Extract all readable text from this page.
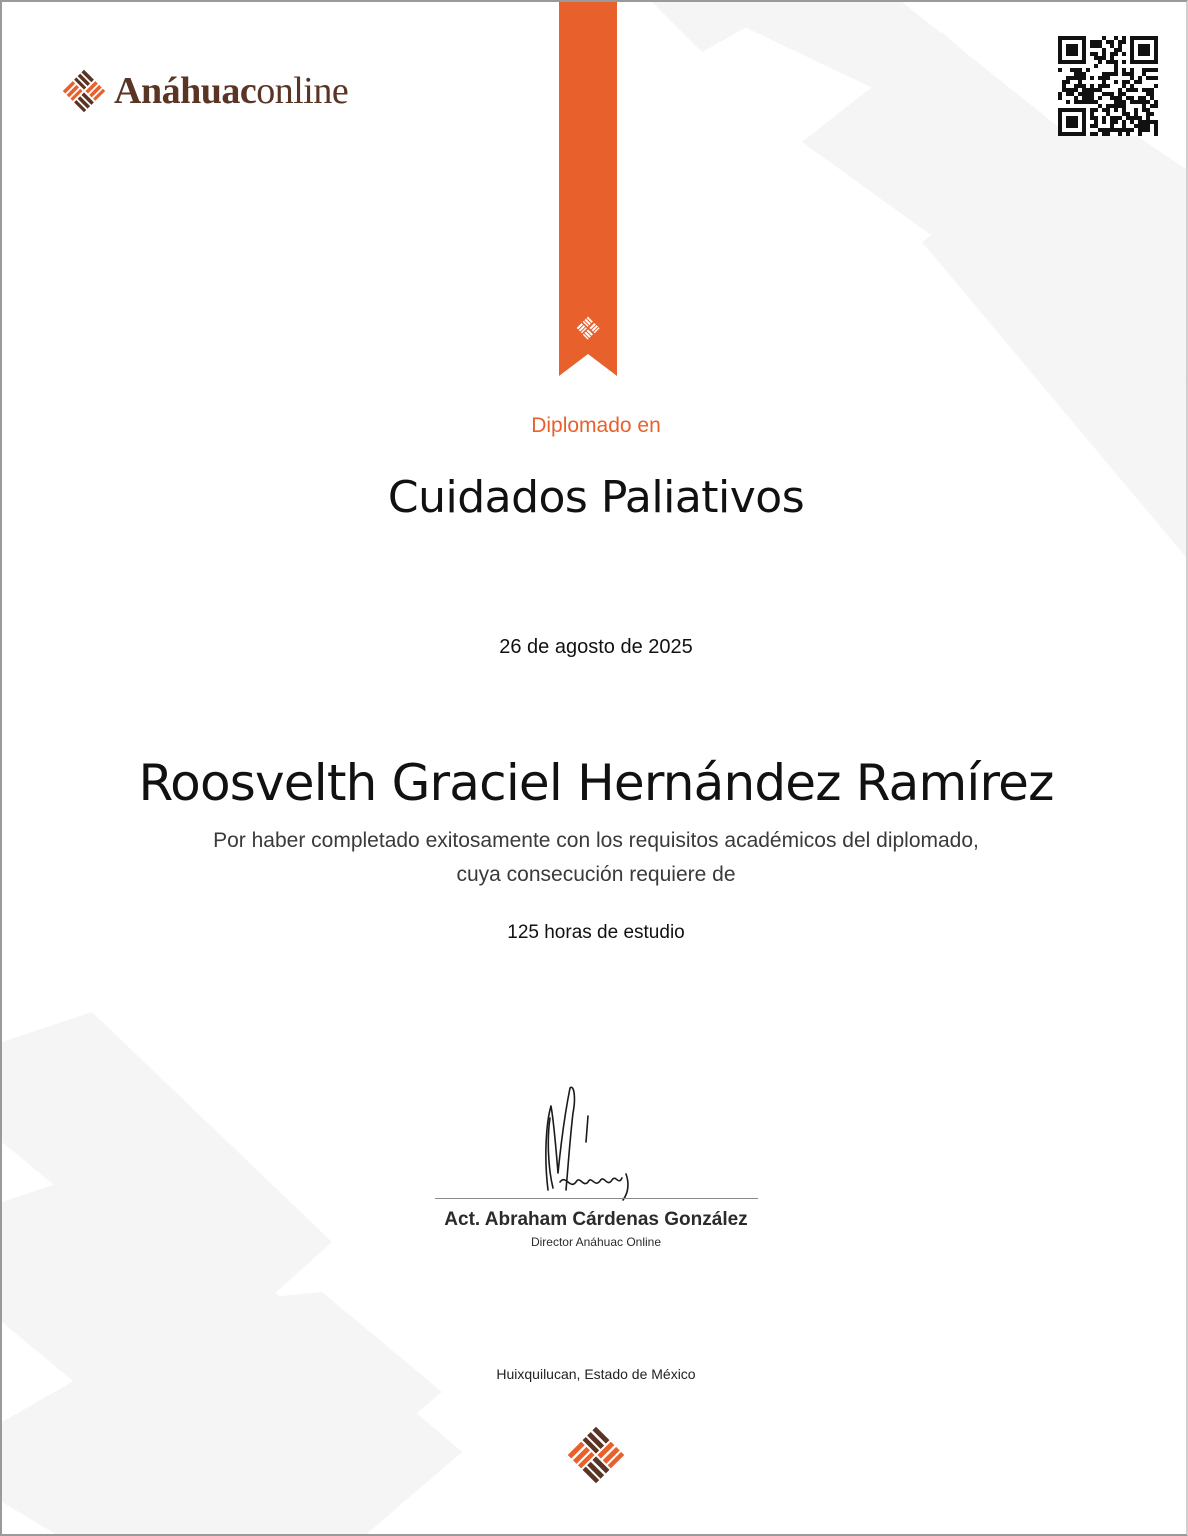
Anáhuac online
Diplomado en
Cuidados Paliativos
26 de agosto de 2025
Roosvelth Graciel Hernández Ramírez
Por haber completado exitosamente con los requisitos académicos del diplomado,
cuya consecución requiere de
125 horas de estudio
Act. Abraham Cárdenas González
Director Anáhuac Online
Huixquilucan, Estado de México
